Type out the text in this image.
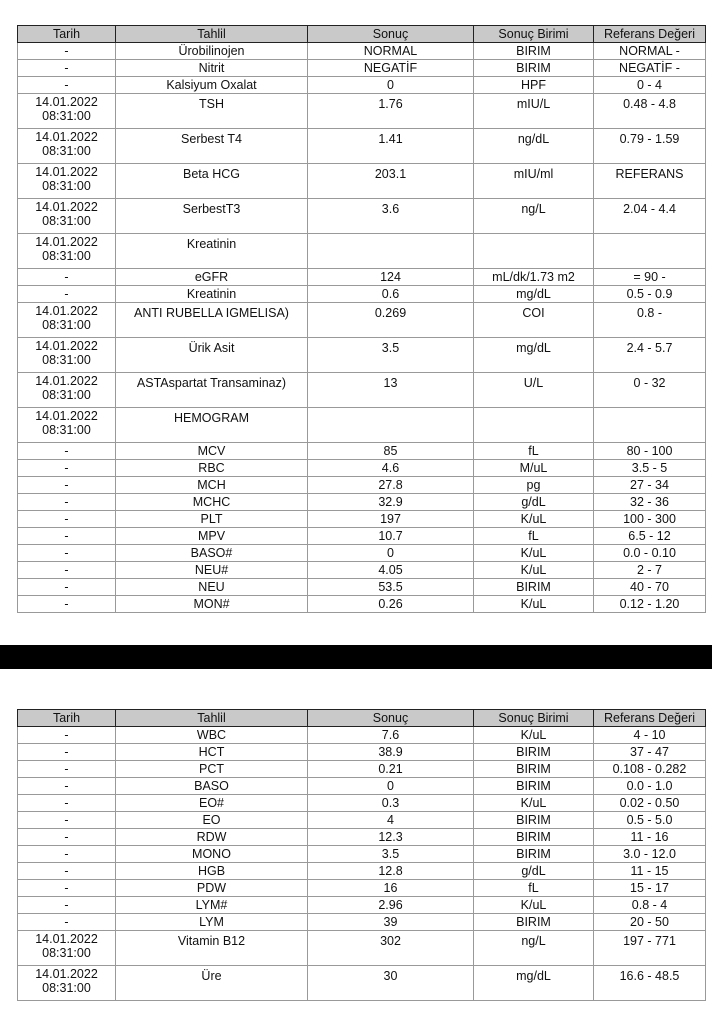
Tarih	Tahlil	Sonuç	Sonuç Birimi	Referans Değeri
-	Ürobilinojen	NORMAL	BIRIM	NORMAL -
-	Nitrit	NEGATİF	BIRIM	NEGATİF -
-	Kalsiyum Oxalat	0	HPF	0 - 4
14.01.2022 08:31:00	TSH	1.76	mIU/L	0.48 - 4.8
14.01.2022 08:31:00	Serbest T4	1.41	ng/dL	0.79 - 1.59
14.01.2022 08:31:00	Beta HCG	203.1	mIU/ml	REFERANS
14.01.2022 08:31:00	SerbestT3	3.6	ng/L	2.04 - 4.4
14.01.2022 08:31:00	Kreatinin			
-	eGFR	124	mL/dk/1.73 m2	= 90 -
-	Kreatinin	0.6	mg/dL	0.5 - 0.9
14.01.2022 08:31:00	ANTI RUBELLA IGMELISA)	0.269	COI	0.8 -
14.01.2022 08:31:00	Ürik Asit	3.5	mg/dL	2.4 - 5.7
14.01.2022 08:31:00	ASTAspartat Transaminaz)	13	U/L	0 - 32
14.01.2022 08:31:00	HEMOGRAM			
-	MCV	85	fL	80 - 100
-	RBC	4.6	M/uL	3.5 - 5
-	MCH	27.8	pg	27 - 34
-	MCHC	32.9	g/dL	32 - 36
-	PLT	197	K/uL	100 - 300
-	MPV	10.7	fL	6.5 - 12
-	BASO#	0	K/uL	0.0 - 0.10
-	NEU#	4.05	K/uL	2 - 7
-	NEU	53.5	BIRIM	40 - 70
-	MON#	0.26	K/uL	0.12 - 1.20
Tarih	Tahlil	Sonuç	Sonuç Birimi	Referans Değeri
-	WBC	7.6	K/uL	4 - 10
-	HCT	38.9	BIRIM	37 - 47
-	PCT	0.21	BIRIM	0.108 - 0.282
-	BASO	0	BIRIM	0.0 - 1.0
-	EO#	0.3	K/uL	0.02 - 0.50
-	EO	4	BIRIM	0.5 - 5.0
-	RDW	12.3	BIRIM	11 - 16
-	MONO	3.5	BIRIM	3.0 - 12.0
-	HGB	12.8	g/dL	11 - 15
-	PDW	16	fL	15 - 17
-	LYM#	2.96	K/uL	0.8 - 4
-	LYM	39	BIRIM	20 - 50
14.01.2022 08:31:00	Vitamin B12	302	ng/L	197 - 771
14.01.2022 08:31:00	Üre	30	mg/dL	16.6 - 48.5
